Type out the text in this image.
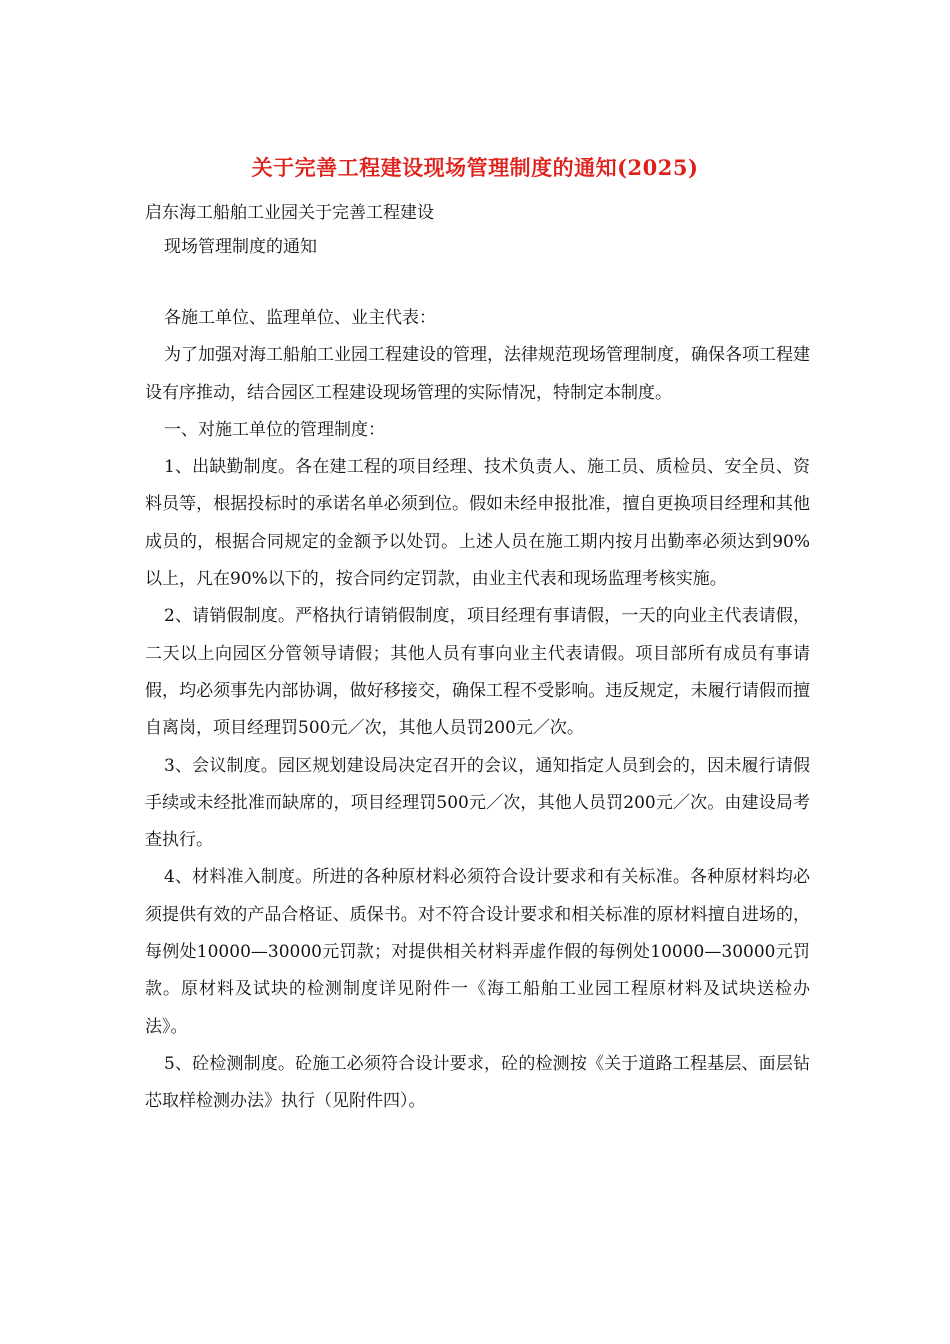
关于完善工程建设现场管理制度的通知(2025)
启东海工船舶工业园关于完善工程建设
现场管理制度的通知

各施工单位、监理单位、业主代表：

为了加强对海工船舶工业园工程建设的管理，法律规范现场管理制度，确保各项工程建设有序推动，结合园区工程建设现场管理的实际情况，特制定本制度。

一、对施工单位的管理制度：

1、出缺勤制度。各在建工程的项目经理、技术负责人、施工员、质检员、安全员、资料员等，根据投标时的承诺名单必须到位。假如未经申报批准，擅自更换项目经理和其他成员的，根据合同规定的金额予以处罚。上述人员在施工期内按月出勤率必须达到90%以上，凡在90%以下的，按合同约定罚款，由业主代表和现场监理考核实施。

2、请销假制度。严格执行请销假制度，项目经理有事请假，一天的向业主代表请假，二天以上向园区分管领导请假；其他人员有事向业主代表请假。项目部所有成员有事请假，均必须事先内部协调，做好移接交，确保工程不受影响。违反规定，未履行请假而擅自离岗，项目经理罚500元／次，其他人员罚200元／次。

3、会议制度。园区规划建设局决定召开的会议，通知指定人员到会的，因未履行请假手续或未经批准而缺席的，项目经理罚500元／次，其他人员罚200元／次。由建设局考查执行。

4、材料准入制度。所进的各种原材料必须符合设计要求和有关标准。各种原材料均必须提供有效的产品合格证、质保书。对不符合设计要求和相关标准的原材料擅自进场的，每例处10000—30000元罚款；对提供相关材料弄虚作假的每例处10000—30000元罚款。原材料及试块的检测制度详见附件一《海工船舶工业园工程原材料及试块送检办法》。

5、砼检测制度。砼施工必须符合设计要求，砼的检测按《关于道路工程基层、面层钻芯取样检测办法》执行（见附件四）。
